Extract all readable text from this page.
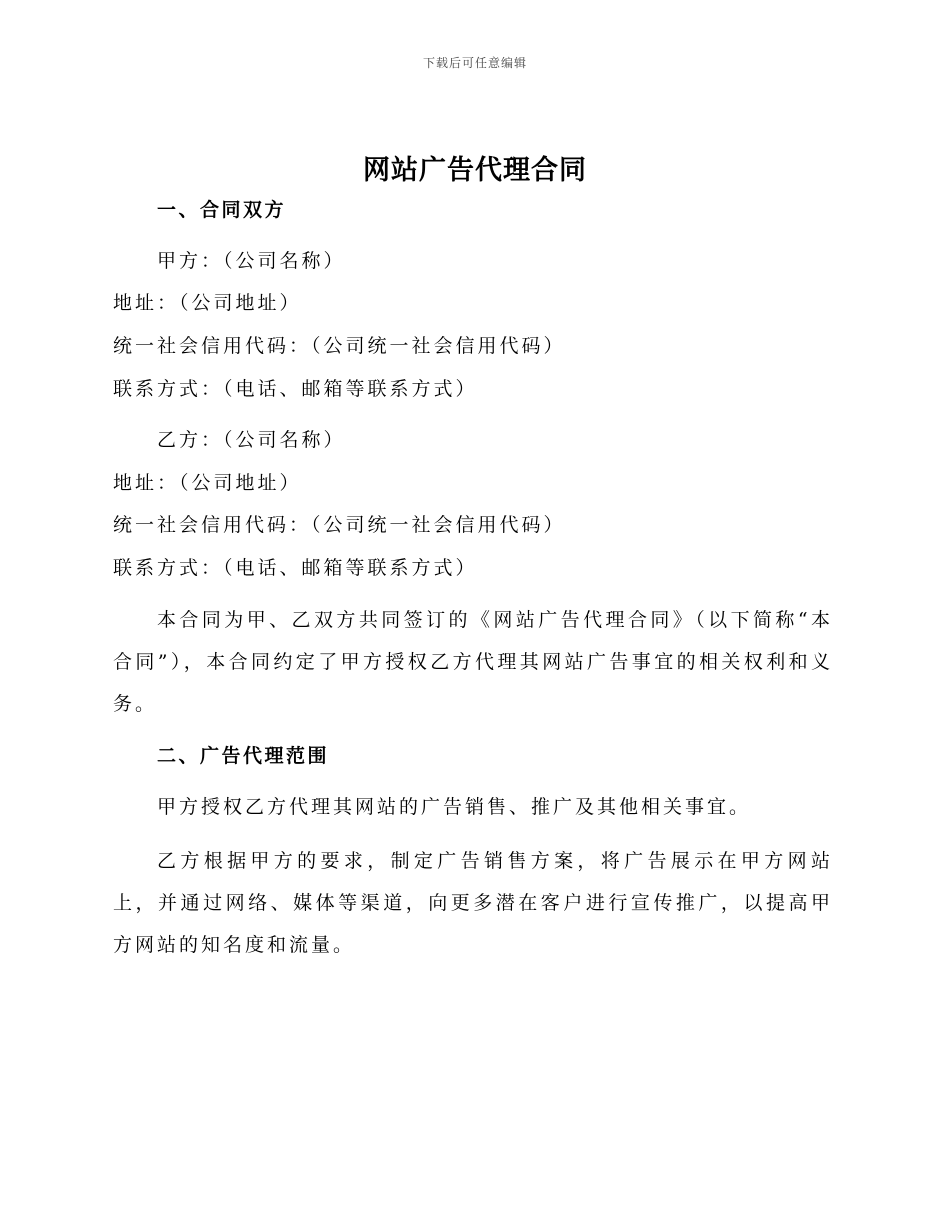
下载后可任意编辑
网站广告代理合同
一、合同双方
甲方：（公司名称）
地址：（公司地址）
统一社会信用代码：（公司统一社会信用代码）
联系方式：（电话、邮箱等联系方式）
乙方：（公司名称）
地址：（公司地址）
统一社会信用代码：（公司统一社会信用代码）
联系方式：（电话、邮箱等联系方式）

本合同为甲、乙双方共同签订的《网站广告代理合同》（以下简称“本合同”），本合同约定了甲方授权乙方代理其网站广告事宜的相关权利和义务。

二、广告代理范围

甲方授权乙方代理其网站的广告销售、推广及其他相关事宜。

乙方根据甲方的要求，制定广告销售方案，将广告展示在甲方网站上，并通过网络、媒体等渠道，向更多潜在客户进行宣传推广，以提高甲方网站的知名度和流量。
